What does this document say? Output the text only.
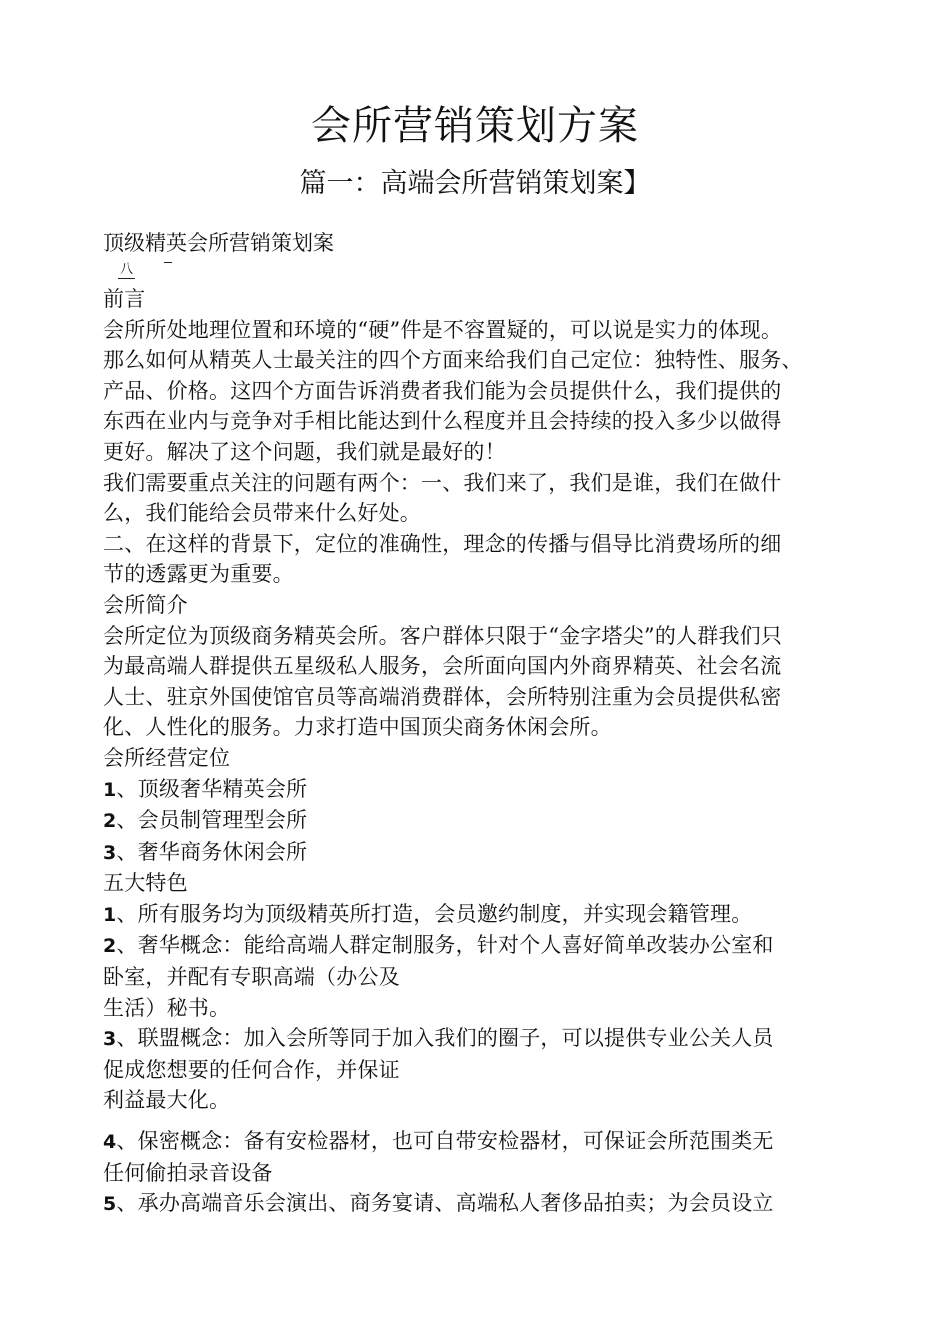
会所营销策划方案
篇一：高端会所营销策划案】
顶级精英会所营销策划案
八

前言

会所所处地理位置和环境的“硬”件是不容置疑的，可以说是实力的体现。

那么如何从精英人士最关注的四个方面来给我们自己定位：独特性、服务、

产品、价格。这四个方面告诉消费者我们能为会员提供什么，我们提供的

东西在业内与竞争对手相比能达到什么程度并且会持续的投入多少以做得

更好。解决了这个问题，我们就是最好的！

我们需要重点关注的问题有两个：一、我们来了，我们是谁，我们在做什

么，我们能给会员带来什么好处。

二、在这样的背景下，定位的准确性，理念的传播与倡导比消费场所的细

节的透露更为重要。

会所简介

会所定位为顶级商务精英会所。客户群体只限于“金字塔尖”的人群我们只

为最高端人群提供五星级私人服务，会所面向国内外商界精英、社会名流

人士、驻京外国使馆官员等高端消费群体，会所特别注重为会员提供私密

化、人性化的服务。力求打造中国顶尖商务休闲会所。

会所经营定位

1、顶级奢华精英会所

2、会员制管理型会所

3、奢华商务休闲会所

五大特色

1、所有服务均为顶级精英所打造，会员邀约制度，并实现会籍管理。

2、奢华概念：能给高端人群定制服务，针对个人喜好简单改装办公室和

卧室，并配有专职高端（办公及

生活）秘书。

3、联盟概念：加入会所等同于加入我们的圈子，可以提供专业公关人员

促成您想要的任何合作，并保证

利益最大化。

4、保密概念：备有安检器材，也可自带安检器材，可保证会所范围类无

任何偷拍录音设备

5、承办高端音乐会演出、商务宴请、高端私人奢侈品拍卖；为会员设立
